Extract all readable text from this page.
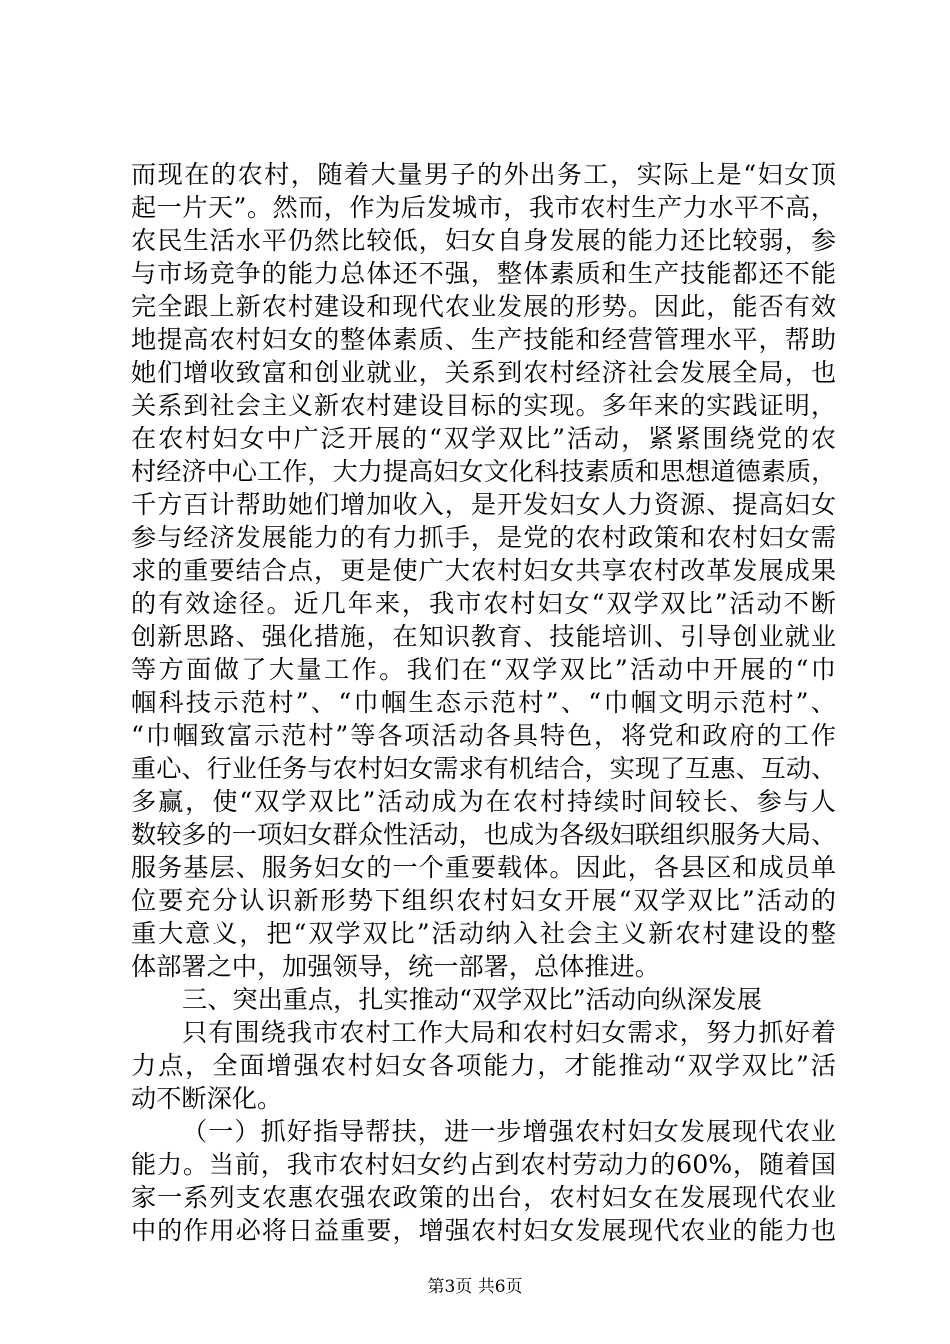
而现在的农村，随着大量男子的外出务工，实际上是“妇女顶
起一片天”。然而，作为后发城市，我市农村生产力水平不高，
农民生活水平仍然比较低，妇女自身发展的能力还比较弱，参
与市场竞争的能力总体还不强，整体素质和生产技能都还不能
完全跟上新农村建设和现代农业发展的形势。因此，能否有效
地提高农村妇女的整体素质、生产技能和经营管理水平，帮助
她们增收致富和创业就业，关系到农村经济社会发展全局，也
关系到社会主义新农村建设目标的实现。多年来的实践证明，
在农村妇女中广泛开展的“双学双比”活动，紧紧围绕党的农
村经济中心工作，大力提高妇女文化科技素质和思想道德素质，
千方百计帮助她们增加收入，是开发妇女人力资源、提高妇女
参与经济发展能力的有力抓手，是党的农村政策和农村妇女需
求的重要结合点，更是使广大农村妇女共享农村改革发展成果
的有效途径。近几年来，我市农村妇女“双学双比”活动不断
创新思路、强化措施，在知识教育、技能培训、引导创业就业
等方面做了大量工作。我们在“双学双比”活动中开展的“巾
帼科技示范村”、“巾帼生态示范村”、“巾帼文明示范村”、
“巾帼致富示范村”等各项活动各具特色，将党和政府的工作
重心、行业任务与农村妇女需求有机结合，实现了互惠、互动、
多赢，使“双学双比”活动成为在农村持续时间较长、参与人
数较多的一项妇女群众性活动，也成为各级妇联组织服务大局、
服务基层、服务妇女的一个重要载体。因此，各县区和成员单
位要充分认识新形势下组织农村妇女开展“双学双比”活动的
重大意义，把“双学双比”活动纳入社会主义新农村建设的整
体部署之中，加强领导，统一部署，总体推进。
三、突出重点，扎实推动“双学双比”活动向纵深发展
只有围绕我市农村工作大局和农村妇女需求，努力抓好着
力点，全面增强农村妇女各项能力，才能推动“双学双比”活
动不断深化。
（一）抓好指导帮扶，进一步增强农村妇女发展现代农业
能力。当前，我市农村妇女约占到农村劳动力的60%，随着国
家一系列支农惠农强农政策的出台，农村妇女在发展现代农业
中的作用必将日益重要，增强农村妇女发展现代农业的能力也
第3页 共6页
